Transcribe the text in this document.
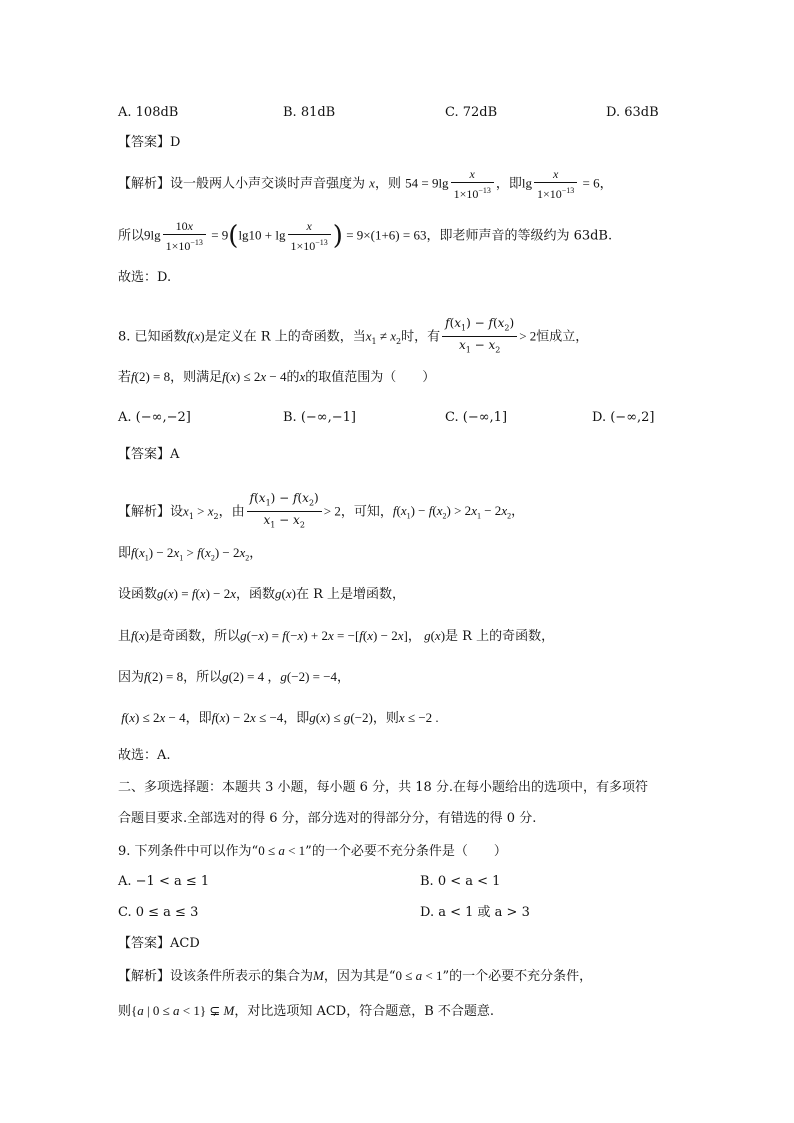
A. 108dB	B. 81dB	C. 72dB	D. 63dB
【答案】D
【解析】设一般两人小声交谈时声音强度为 x，则 $54 = 9\lg \frac{x}{1\times 10^{-13}}$ ，即$\lg \frac{x}{1\times 10^{-13}} = 6$，
所以$9\lg \frac{10x}{1\times 10^{-13}} = 9(\lg 10 + \lg \frac{x}{1\times 10^{-13}}$ ) = 9×(1+6) = 63，即老师声音的等级约为 63dB.
故选：D.
8. 已知函数f(x)是定义在 R 上的奇函数，当$x_1 \ne x_2$时，有 $\frac{f(x_1) - f(x_2)}{x_1 - x_2} > 2$恒成立，
若f(2) = 8，则满足f(x) ≤ 2x − 4的x的取值范围为（　　）
A. (−∞,−2]	B. (−∞,−1]	C. (−∞,1]	D. (−∞,2]
【答案】A
【解析】设$x_1 > x_2$，由 $\frac{f(x_1) - f(x_2)}{x_1 - x_2} > 2$，可知，$f(x_1) - f(x_2) > 2x_1 - 2x_2$，
即$f(x_1) - 2x_1 > f(x_2) - 2x_2$，
设函数g(x) = f(x) − 2x，函数g(x)在 R 上是增函数，
且f(x)是奇函数，所以g(−x) = f(−x) + 2x = −[f(x) − 2x]， g(x)是 R 上的奇函数，
因为f(2) = 8，所以g(2) = 4 ，g(−2) = −4，
f(x) ≤ 2x − 4，即f(x) − 2x ≤ −4，即g(x) ≤ g(−2)，则x ≤ −2 .
故选：A.
二、多项选择题：本题共 3 小题，每小题 6 分，共 18 分.在每小题给出的选项中，有多项符
合题目要求.全部选对的得 6 分，部分选对的得部分分，有错选的得 0 分.
9. 下列条件中可以作为“0 ≤ a < 1”的一个必要不充分条件是（　　）
A. −1 < a ≤ 1	B. 0 < a < 1
C. 0 ≤ a ≤ 3	D. a < 1 或 a > 3
【答案】ACD
【解析】设该条件所表示的集合为M，因为其是“0 ≤ a < 1”的一个必要不充分条件，
则{a | 0 ≤ a < 1} ⊊ M，对比选项知 ACD，符合题意，B 不合题意.
